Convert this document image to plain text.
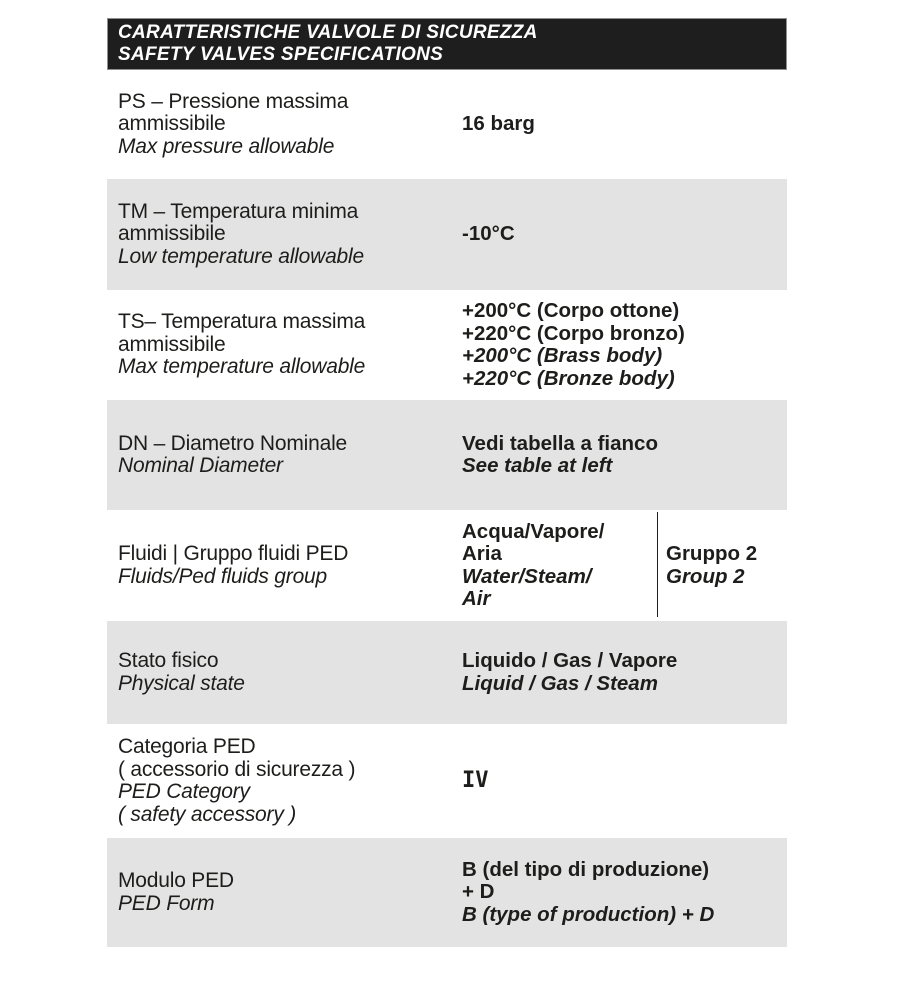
CARATTERISTICHE VALVOLE DI SICUREZZA
SAFETY VALVES SPECIFICATIONS
PS – Pressione massima
ammissibile
Max pressure allowable
16 barg
TM – Temperatura minima
ammissibile
Low temperature allowable
-10°C
TS– Temperatura massima
ammissibile
Max temperature allowable
+200°C (Corpo ottone)
+220°C (Corpo bronzo)
+200°C (Brass body)
+220°C (Bronze body)
DN – Diametro Nominale
Nominal Diameter
Vedi tabella a fianco
See table at left
Fluidi | Gruppo fluidi PED
Fluids/Ped fluids group
Acqua/Vapore/
Aria
Water/Steam/
Air
Gruppo 2
Group 2
Stato fisico
Physical state
Liquido / Gas / Vapore
Liquid / Gas / Steam
Categoria PED
( accessorio di sicurezza )
PED Category
( safety accessory )
IV
Modulo PED
PED Form
B (del tipo di produzione)
+ D
B (type of production) + D
